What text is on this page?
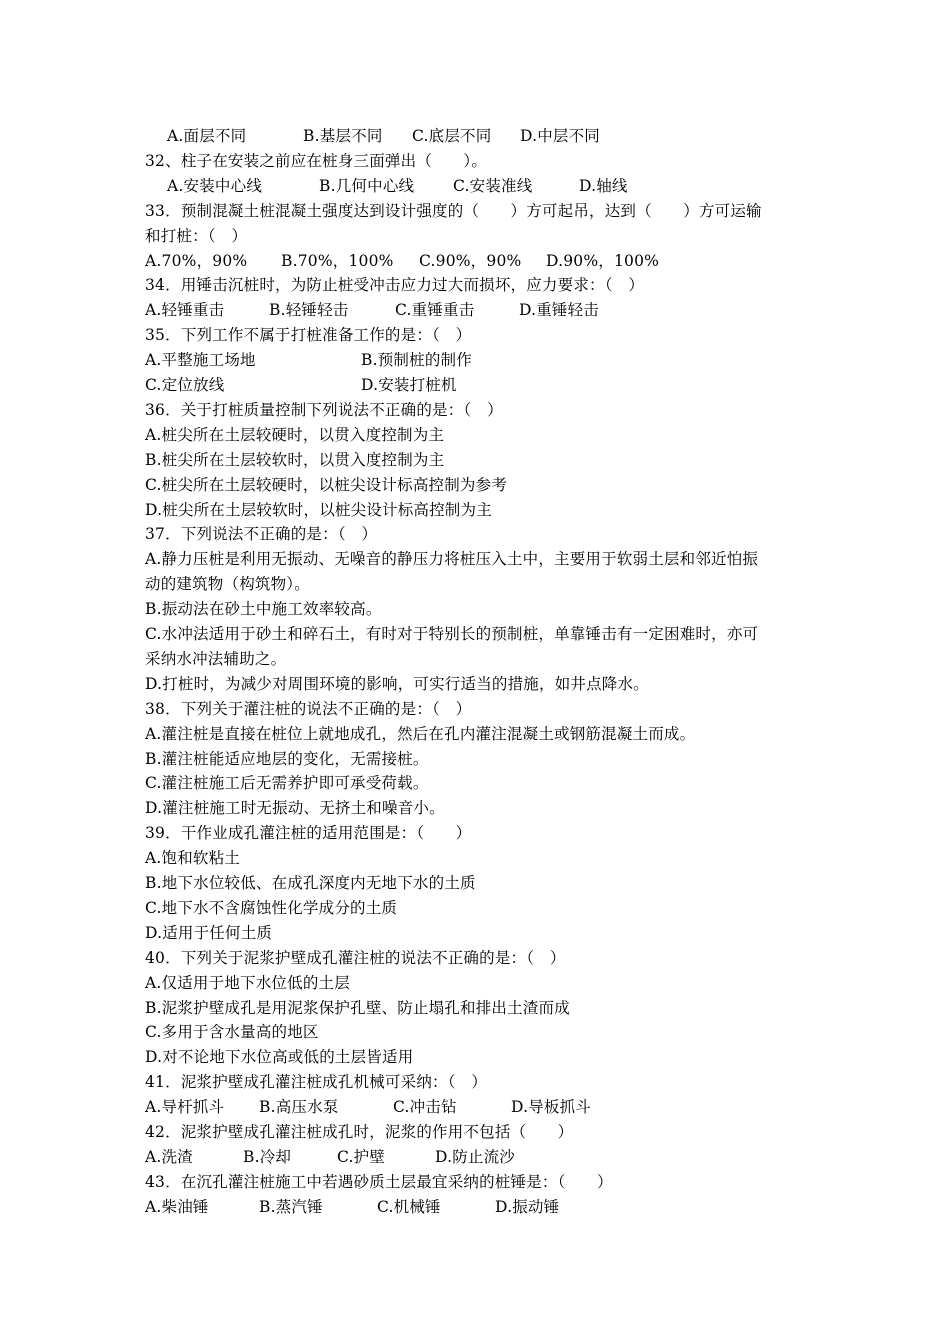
A.面层不同	B.基层不同 C.底层不同 D.中层不同
32、柱子在安装之前应在桩身三面弹出（　　）。
A.安装中心线	B.几何中心线	C.安装准线	D.轴线
33．预制混凝土桩混凝土强度达到设计强度的（　　）方可起吊，达到（　　）方可运输
和打桩：（　）
A.70%，90% B.70%，100% C.90%，90% D.90%，100%
34．用锤击沉桩时，为防止桩受冲击应力过大而损坏，应力要求：（　）
A.轻锤重击	B.轻锤轻击	C.重锤重击	D.重锤轻击
35．下列工作不属于打桩准备工作的是：（　）
A.平整施工场地	B.预制桩的制作
C.定位放线	D.安装打桩机
36．关于打桩质量控制下列说法不正确的是：（　）
A.桩尖所在土层较硬时，以贯入度控制为主
B.桩尖所在土层较软时，以贯入度控制为主
C.桩尖所在土层较硬时，以桩尖设计标高控制为参考
D.桩尖所在土层较软时，以桩尖设计标高控制为主
37．下列说法不正确的是：（　）
A.静力压桩是利用无振动、无噪音的静压力将桩压入土中，主要用于软弱土层和邻近怕振
动的建筑物（构筑物）。
B.振动法在砂土中施工效率较高。
C.水冲法适用于砂土和碎石土，有时对于特别长的预制桩，单靠锤击有一定困难时，亦可
采纳水冲法辅助之。
D.打桩时，为减少对周围环境的影响，可实行适当的措施，如井点降水。
38．下列关于灌注桩的说法不正确的是：（　）
A.灌注桩是直接在桩位上就地成孔，然后在孔内灌注混凝土或钢筋混凝土而成。
B.灌注桩能适应地层的变化，无需接桩。
C.灌注桩施工后无需养护即可承受荷载。
D.灌注桩施工时无振动、无挤土和噪音小。
39．干作业成孔灌注桩的适用范围是：（　　）
A.饱和软粘土
B.地下水位较低、在成孔深度内无地下水的土质
C.地下水不含腐蚀性化学成分的土质
D.适用于任何土质
40．下列关于泥浆护壁成孔灌注桩的说法不正确的是：（　）
A.仅适用于地下水位低的土层
B.泥浆护壁成孔是用泥浆保护孔壁、防止塌孔和排出土渣而成
C.多用于含水量高的地区
D.对不论地下水位高或低的土层皆适用
41．泥浆护壁成孔灌注桩成孔机械可采纳：（　）
A.导杆抓斗 B.高压水泵	C.冲击钻	D.导板抓斗
42．泥浆护壁成孔灌注桩成孔时，泥浆的作用不包括（　　）
A.洗渣	B.冷却	C.护壁	D.防止流沙
43．在沉孔灌注桩施工中若遇砂质土层最宜采纳的桩锤是：（　　）
A.柴油锤	B.蒸汽锤	C.机械锤	D.振动锤
